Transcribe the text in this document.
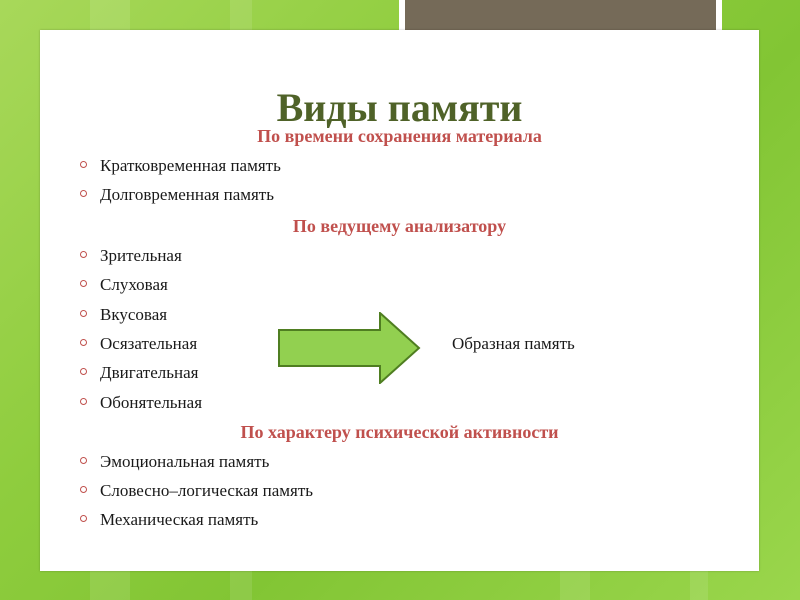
Виды памяти
По времени сохранения материала
Кратковременная память
Долговременная память
По ведущему анализатору
Зрительная
Слуховая
Вкусовая
Осязательная
Двигательная
Обонятельная
Образная память
По характеру психической активности
Эмоциональная память
Словесно–логическая память
Механическая память
